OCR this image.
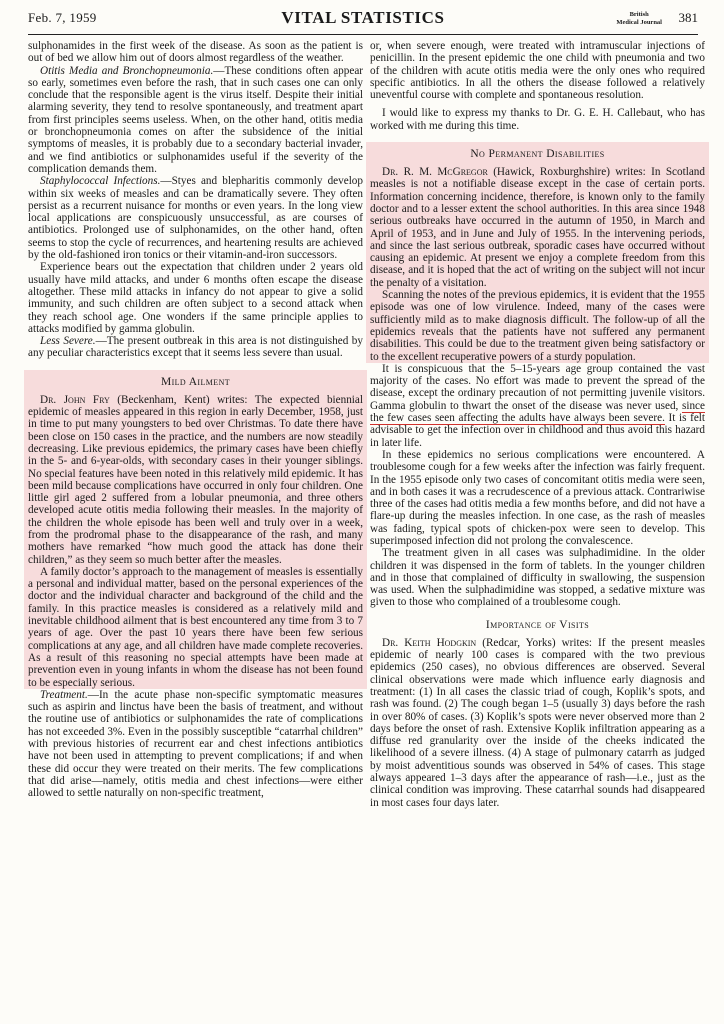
Feb. 7, 1959	VITAL STATISTICS	British
Medical Journal 381

sulphonamides in the first week of the disease. As soon as the patient is out of bed we allow him out of doors almost regardless of the weather.

Otitis Media and Bronchopneumonia.—These conditions often appear so early, sometimes even before the rash, that in such cases one can only conclude that the responsible agent is the virus itself. Despite their initial alarming severity, they tend to resolve spontaneously, and treatment apart from first principles seems useless. When, on the other hand, otitis media or bronchopneumonia comes on after the subsidence of the initial symptoms of measles, it is probably due to a secondary bacterial invader, and we find antibiotics or sulphonamides useful if the severity of the complication demands them.

Staphylococcal Infections.—Styes and blepharitis commonly develop within six weeks of measles and can be dramatically severe. They often persist as a recurrent nuisance for months or even years. In the long view local applications are conspicuously unsuccessful, as are courses of antibiotics. Prolonged use of sulphonamides, on the other hand, often seems to stop the cycle of recurrences, and heartening results are achieved by the old-fashioned iron tonics or their vitamin-and-iron successors.

Experience bears out the expectation that children under 2 years old usually have mild attacks, and under 6 months often escape the disease altogether. These mild attacks in infancy do not appear to give a solid immunity, and such children are often subject to a second attack when they reach school age. One wonders if the same principle applies to attacks modified by gamma globulin.

Less Severe.—The present outbreak in this area is not distinguished by any peculiar characteristics except that it seems less severe than usual.

Mild Ailment

Dr. John Fry (Beckenham, Kent) writes: The expected biennial epidemic of measles appeared in this region in early December, 1958, just in time to put many youngsters to bed over Christmas. To date there have been close on 150 cases in the practice, and the numbers are now steadily decreasing. Like previous epidemics, the primary cases have been chiefly in the 5- and 6-year-olds, with secondary cases in their younger siblings. No special features have been noted in this relatively mild epidemic. It has been mild because complications have occurred in only four children. One little girl aged 2 suffered from a lobular pneumonia, and three others developed acute otitis media following their measles. In the majority of the children the whole episode has been well and truly over in a week, from the prodromal phase to the disappearance of the rash, and many mothers have remarked “how much good the attack has done their children,” as they seem so much better after the measles.

A family doctor’s approach to the management of measles is essentially a personal and individual matter, based on the personal experiences of the doctor and the individual character and background of the child and the family. In this practice measles is considered as a relatively mild and inevitable childhood ailment that is best encountered any time from 3 to 7 years of age. Over the past 10 years there have been few serious complications at any age, and all children have made complete recoveries. As a result of this reasoning no special attempts have been made at prevention even in young infants in whom the disease has not been found to be especially serious.

Treatment.—In the acute phase non-specific symptomatic measures such as aspirin and linctus have been the basis of treatment, and without the routine use of antibiotics or sulphonamides the rate of complications has not exceeded 3%. Even in the possibly susceptible “catarrhal children” with previous histories of recurrent ear and chest infections antibiotics have not been used in attempting to prevent complications; if and when these did occur they were treated on their merits. The few complications that did arise—namely, otitis media and chest infections—were either allowed to settle naturally on non-specific treatment,

or, when severe enough, were treated with intramuscular injections of penicillin. In the present epidemic the one child with pneumonia and two of the children with acute otitis media were the only ones who required specific antibiotics. In all the others the disease followed a relatively uneventful course with complete and spontaneous resolution.

I would like to express my thanks to Dr. G. E. H. Callebaut, who has worked with me during this time.

No Permanent Disabilities

Dr. R. M. McGregor (Hawick, Roxburghshire) writes: In Scotland measles is not a notifiable disease except in the case of certain ports. Information concerning incidence, therefore, is known only to the family doctor and to a lesser extent the school authorities. In this area since 1948 serious outbreaks have occurred in the autumn of 1950, in March and April of 1953, and in June and July of 1955. In the intervening periods, and since the last serious outbreak, sporadic cases have occurred without causing an epidemic. At present we enjoy a complete freedom from this disease, and it is hoped that the act of writing on the subject will not incur the penalty of a visitation.

Scanning the notes of the previous epidemics, it is evident that the 1955 episode was one of low virulence. Indeed, many of the cases were sufficiently mild as to make diagnosis difficult. The follow-up of all the epidemics reveals that the patients have not suffered any permanent disabilities. This could be due to the treatment given being satisfactory or to the excellent recuperative powers of a sturdy population.

It is conspicuous that the 5–15-years age group contained the vast majority of the cases. No effort was made to prevent the spread of the disease, except the ordinary precaution of not permitting juvenile visitors. Gamma globulin to thwart the onset of the disease was never used, since the few cases seen affecting the adults have always been severe. It is felt advisable to get the infection over in childhood and thus avoid this hazard in later life.

In these epidemics no serious complications were encountered. A troublesome cough for a few weeks after the infection was fairly frequent. In the 1955 episode only two cases of concomitant otitis media were seen, and in both cases it was a recrudescence of a previous attack. Contrariwise three of the cases had otitis media a few months before, and did not have a flare-up during the measles infection. In one case, as the rash of measles was fading, typical spots of chicken-pox were seen to develop. This superimposed infection did not prolong the convalescence.

The treatment given in all cases was sulphadimidine. In the older children it was dispensed in the form of tablets. In the younger children and in those that complained of difficulty in swallowing, the suspension was used. When the sulphadimidine was stopped, a sedative mixture was given to those who complained of a troublesome cough.

Importance of Visits

Dr. Keith Hodgkin (Redcar, Yorks) writes: If the present measles epidemic of nearly 100 cases is compared with the two previous epidemics (250 cases), no obvious differences are observed. Several clinical observations were made which influence early diagnosis and treatment: (1) In all cases the classic triad of cough, Koplik’s spots, and rash was found. (2) The cough began 1–5 (usually 3) days before the rash in over 80% of cases. (3) Koplik’s spots were never observed more than 2 days before the onset of rash. Extensive Koplik infiltration appearing as a diffuse red granularity over the inside of the cheeks indicated the likelihood of a severe illness. (4) A stage of pulmonary catarrh as judged by moist adventitious sounds was observed in 54% of cases. This stage always appeared 1–3 days after the appearance of rash—i.e., just as the clinical condition was improving. These catarrhal sounds had disappeared in most cases four days later.
